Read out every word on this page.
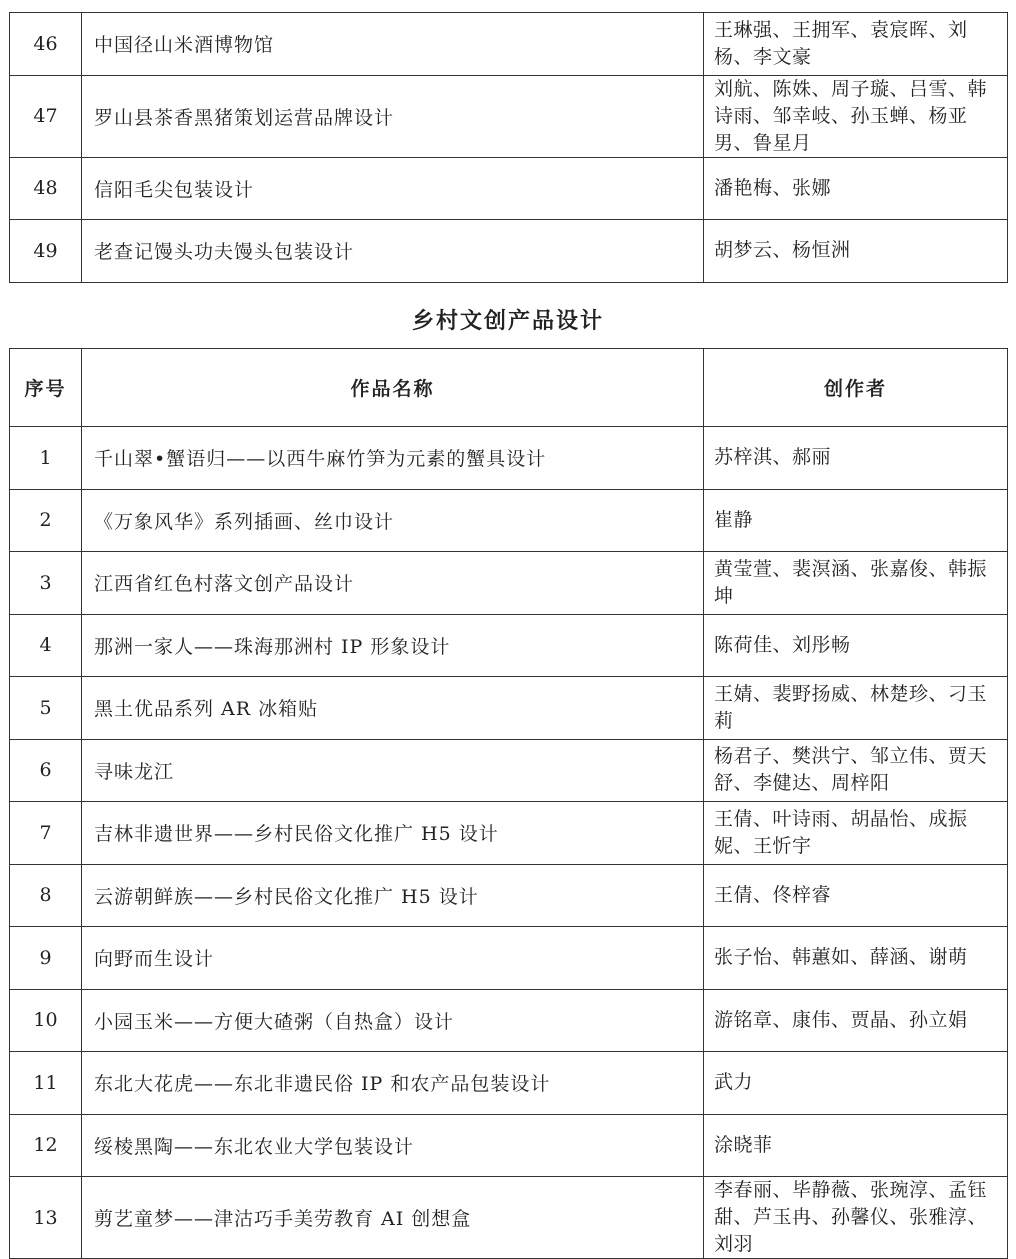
46	中国径山米酒博物馆	王琳强、王拥军、袁宸晖、刘杨、李文豪
47	罗山县茶香黑猪策划运营品牌设计	刘航、陈姝、周子璇、吕雪、韩诗雨、邹幸岐、孙玉蝉、杨亚男、鲁星月
48	信阳毛尖包装设计	潘艳梅、张娜
49	老查记馒头功夫馒头包装设计	胡梦云、杨恒洲
乡村文创产品设计
序号	作品名称	创作者
1	千山翠•蟹语归——以西牛麻竹笋为元素的蟹具设计	苏梓淇、郝丽
2	《万象风华》系列插画、丝巾设计	崔静
3	江西省红色村落文创产品设计	黄莹萱、裴溟涵、张嘉俊、韩振坤
4	那洲一家人——珠海那洲村 IP 形象设计	陈荷佳、刘彤畅
5	黑土优品系列 AR 冰箱贴	王婧、裴野扬威、林楚珍、刁玉莉
6	寻味龙江	杨君子、樊洪宁、邹立伟、贾天舒、李健达、周梓阳
7	吉林非遗世界——乡村民俗文化推广 H5 设计	王倩、叶诗雨、胡晶怡、成振妮、王忻宇
8	云游朝鲜族——乡村民俗文化推广 H5 设计	王倩、佟梓睿
9	向野而生设计	张子怡、韩蕙如、薛涵、谢萌
10	小园玉米——方便大碴粥（自热盒）设计	游铭章、康伟、贾晶、孙立娟
11	东北大花虎——东北非遗民俗 IP 和农产品包装设计	武力
12	绥棱黑陶——东北农业大学包装设计	涂晓菲
13	剪艺童梦——津沽巧手美劳教育 AI 创想盒	李春丽、毕静薇、张琬淳、孟钰甜、芦玉冉、孙馨仪、张雅淳、刘羽
